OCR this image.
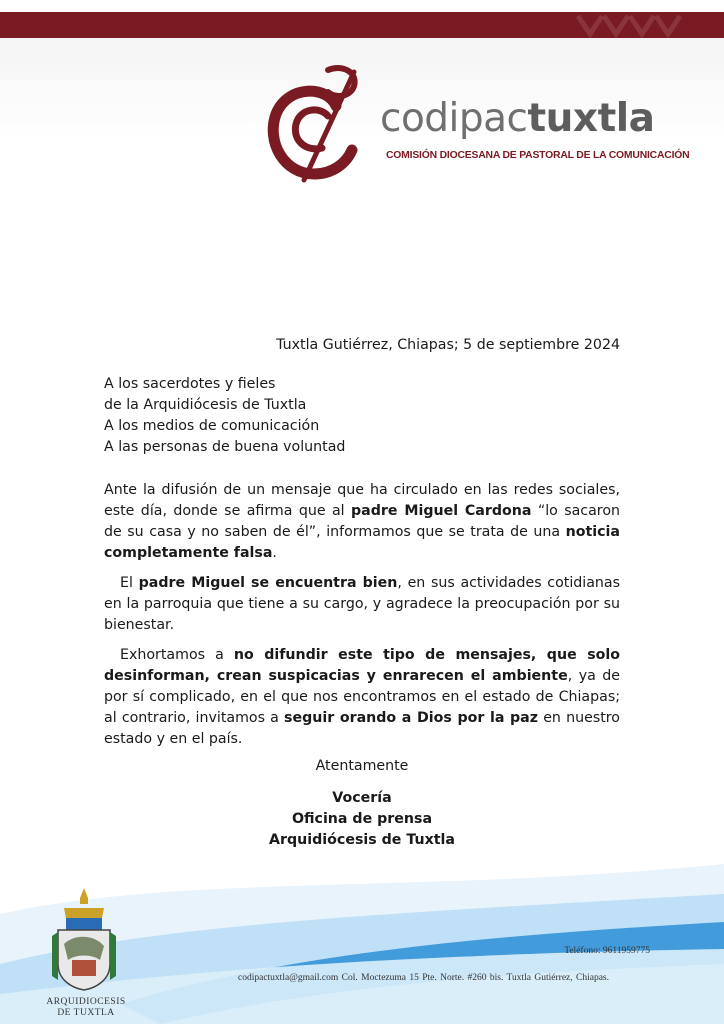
codipactuxtla
COMISIÓN DIOCESANA DE PASTORAL DE LA COMUNICACIÓN
Tuxtla Gutiérrez, Chiapas; 5 de septiembre 2024
A los sacerdotes y fieles
de la Arquidiócesis de Tuxtla
A los medios de comunicación
A las personas de buena voluntad

Ante la difusión de un mensaje que ha circulado en las redes sociales, este día, donde se afirma que al padre Miguel Cardona “lo sacaron de su casa y no saben de él”, informamos que se trata de una noticia completamente falsa.

El padre Miguel se encuentra bien, en sus actividades cotidianas en la parroquia que tiene a su cargo, y agradece la preocupación por su bienestar.

Exhortamos a no difundir este tipo de mensajes, que solo desinforman, crean suspicacias y enrarecen el ambiente, ya de por sí complicado, en el que nos encontramos en el estado de Chiapas; al contrario, invitamos a seguir orando a Dios por la paz en nuestro estado y en el país.

Atentamente
Vocería
Oficina de prensa
Arquidiócesis de Tuxtla
ARQUIDIOCESIS
DE TUXTLA
Teléfono: 9611959775
codipactuxtla@gmail.com Col. Moctezuma 15 Pte. Norte. #260 bis. Tuxtla Gutiérrez, Chiapas.
